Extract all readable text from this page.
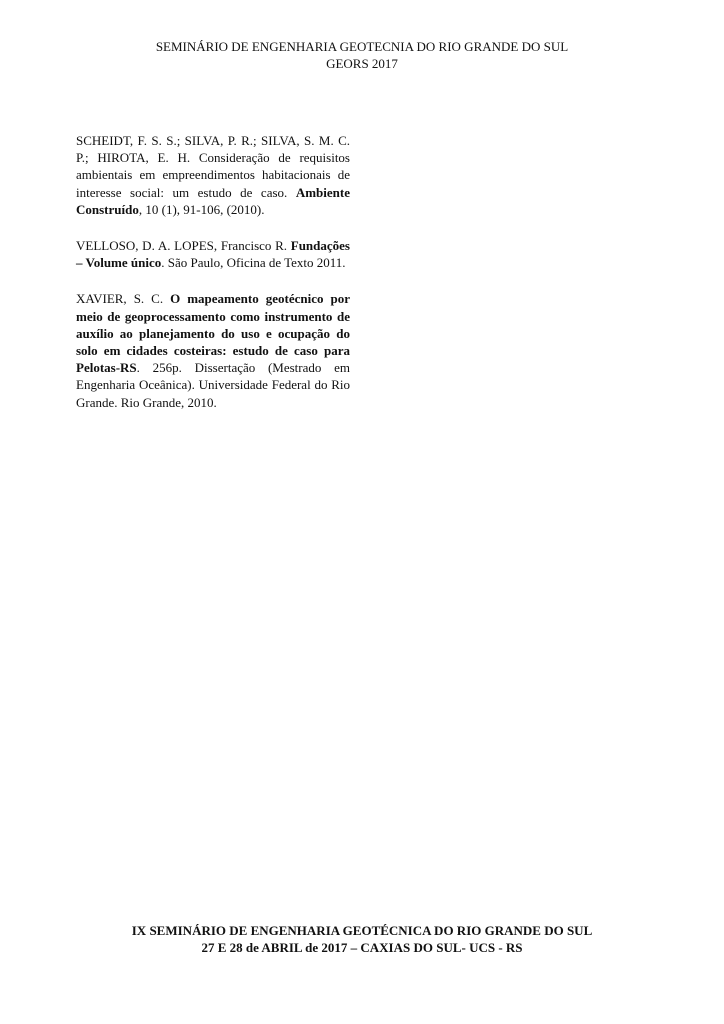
SEMINÁRIO DE ENGENHARIA GEOTECNIA DO RIO GRANDE DO SUL
GEORS 2017

SCHEIDT, F. S. S.; SILVA, P. R.; SILVA, S. M. C. P.; HIROTA, E. H. Consideração de requisitos ambientais em empreendimentos habitacionais de interesse social: um estudo de caso. Ambiente Construído, 10 (1), 91-106, (2010).

VELLOSO, D. A. LOPES, Francisco R. Fundações – Volume único. São Paulo, Oficina de Texto 2011.

XAVIER, S. C. O mapeamento geotécnico por meio de geoprocessamento como instrumento de auxílio ao planejamento do uso e ocupação do solo em cidades costeiras: estudo de caso para Pelotas-RS. 256p. Dissertação (Mestrado em Engenharia Oceânica). Universidade Federal do Rio Grande. Rio Grande, 2010.

IX SEMINÁRIO DE ENGENHARIA GEOTÉCNICA DO RIO GRANDE DO SUL
27 E 28 de ABRIL de 2017 – CAXIAS DO SUL- UCS - RS
